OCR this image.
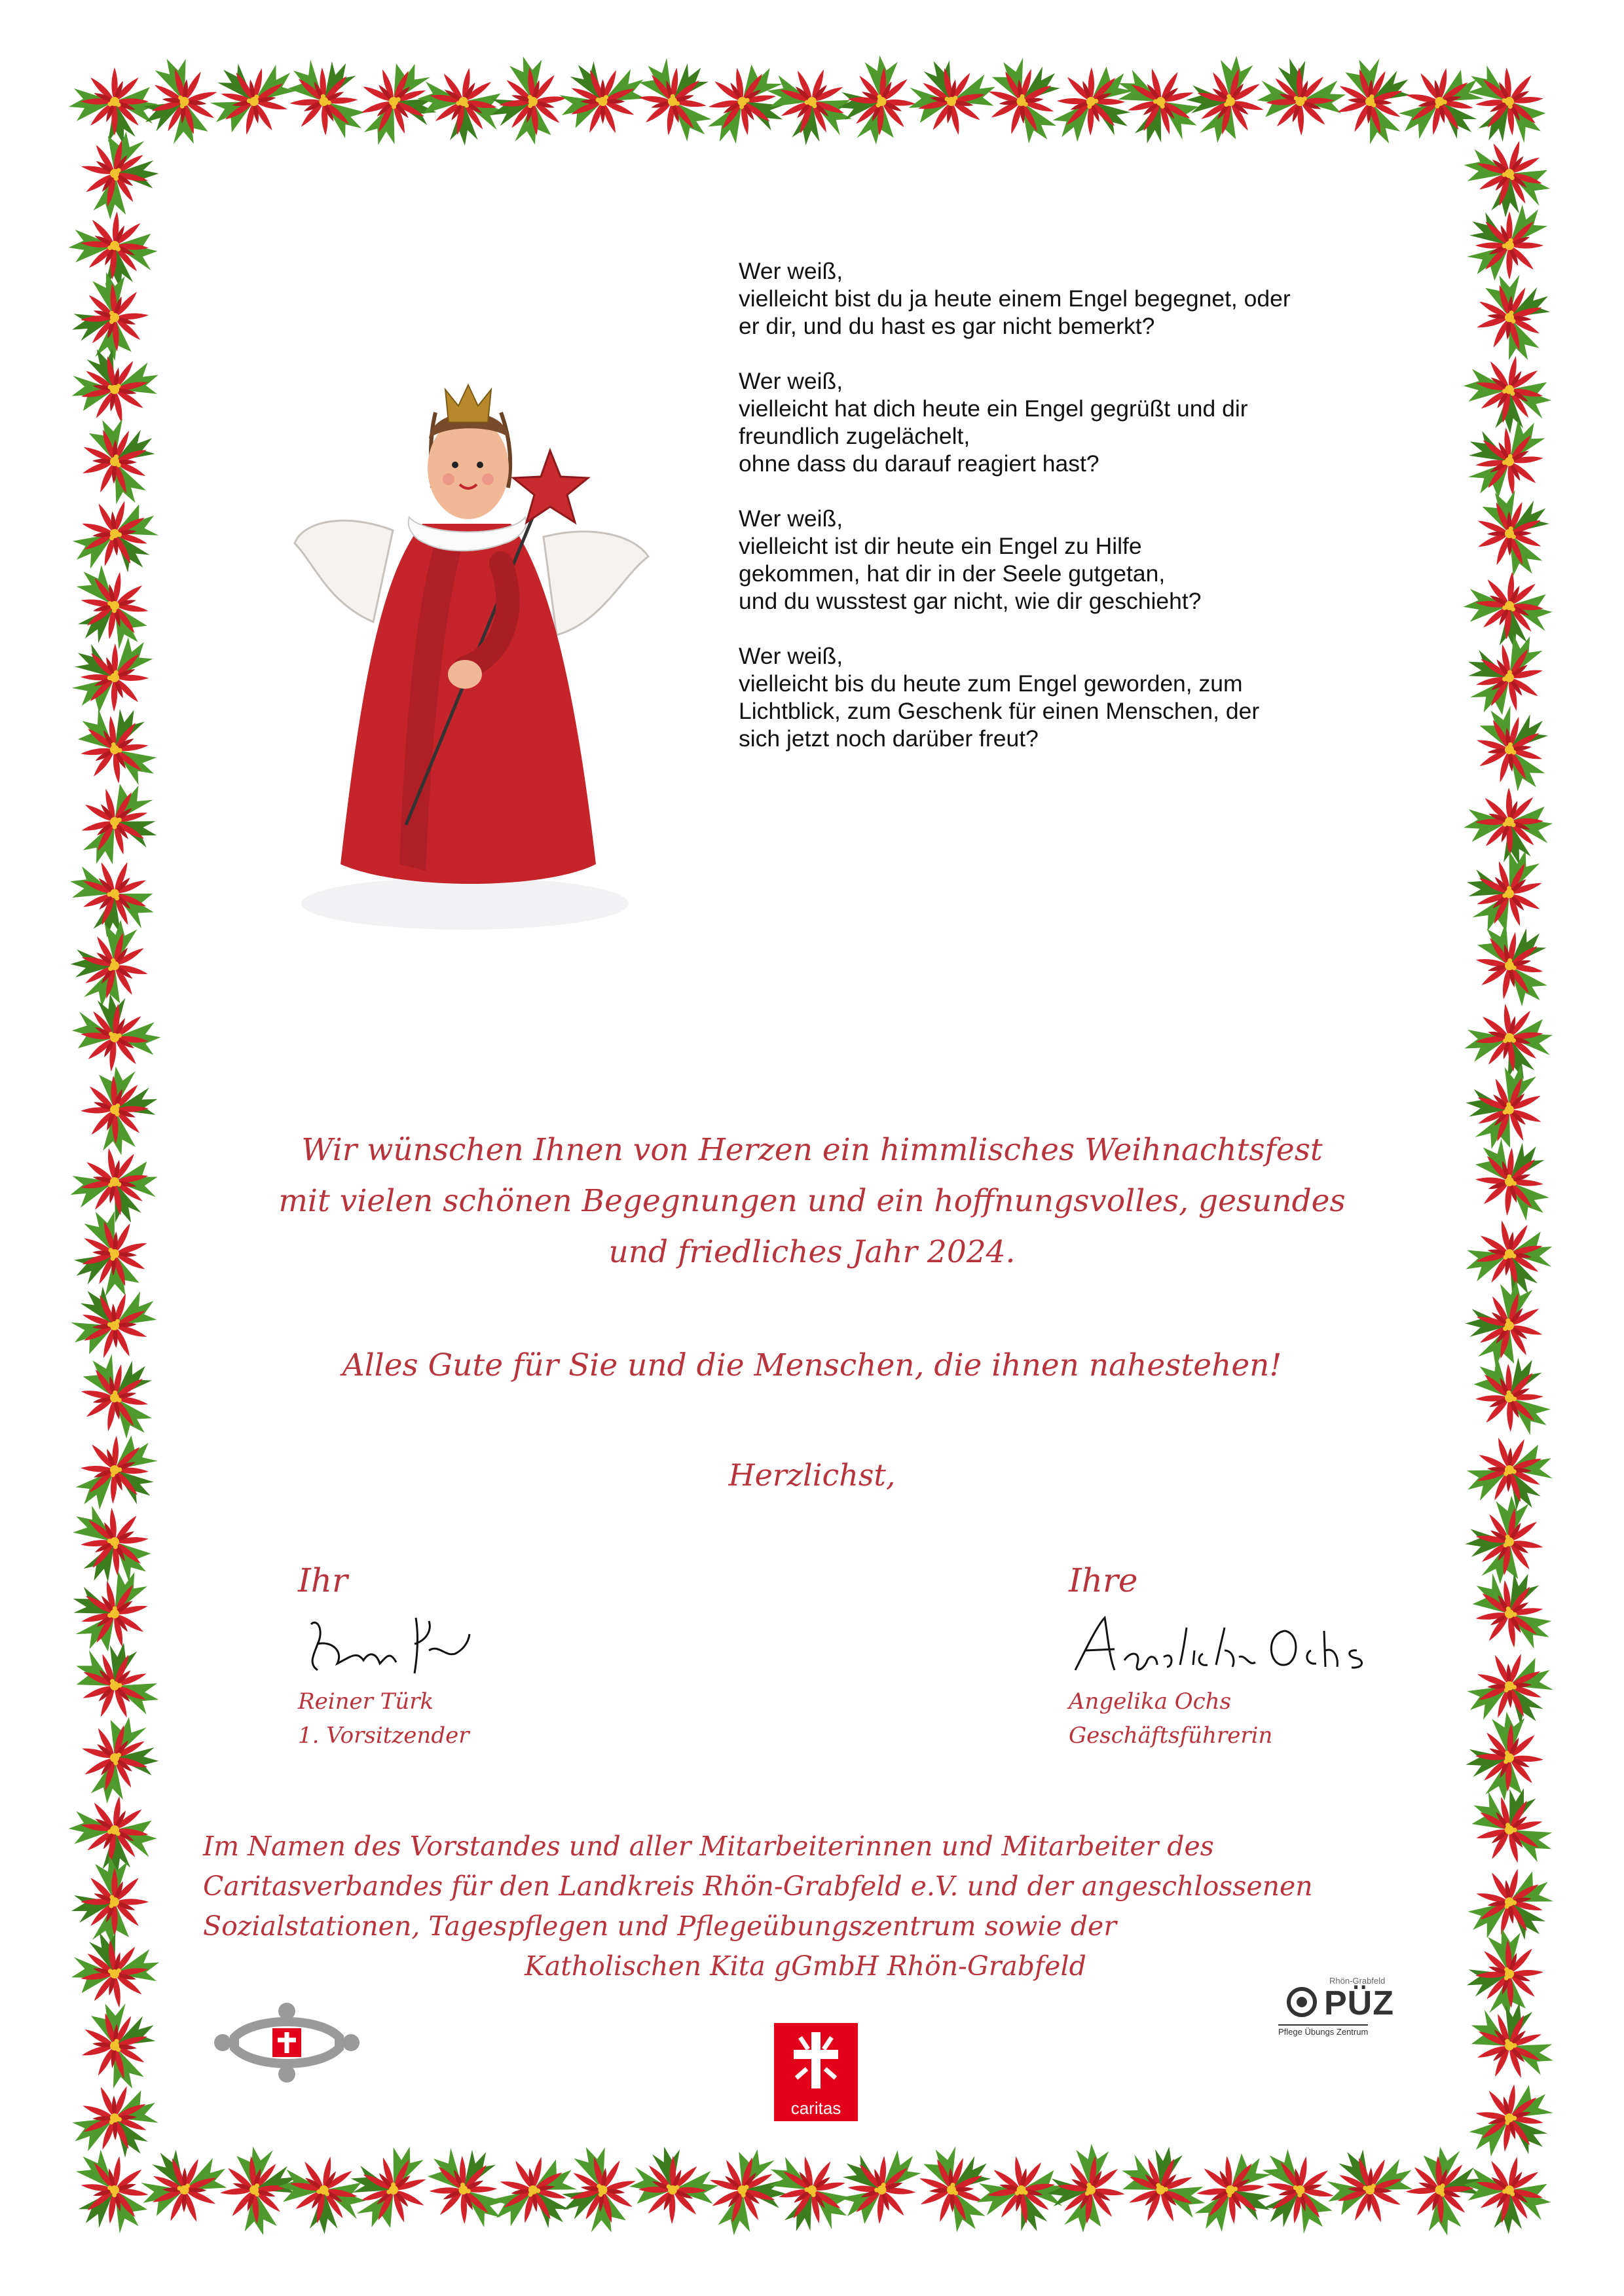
Wer weiß,
vielleicht bist du ja heute einem Engel begegnet, oder
er dir, und du hast es gar nicht bemerkt?
Wer weiß,
vielleicht hat dich heute ein Engel gegrüßt und dir
freundlich zugelächelt,
ohne dass du darauf reagiert hast?
Wer weiß,
vielleicht ist dir heute ein Engel zu Hilfe
gekommen, hat dir in der Seele gutgetan,
und du wusstest gar nicht, wie dir geschieht?
Wer weiß,
vielleicht bis du heute zum Engel geworden, zum
Lichtblick, zum Geschenk für einen Menschen, der
sich jetzt noch darüber freut?
Wir wünschen Ihnen von Herzen ein himmlisches Weihnachtsfest
mit vielen schönen Begegnungen und ein hoffnungsvolles, gesundes
und friedliches Jahr 2024.
Alles Gute für Sie und die Menschen, die ihnen nahestehen!
Herzlichst,
Ihr
Reiner Türk
1. Vorsitzender
Ihre
Angelika Ochs
Geschäftsführerin
Im Namen des Vorstandes und aller Mitarbeiterinnen und Mitarbeiter des
Caritasverbandes für den Landkreis Rhön-Grabfeld e.V. und der angeschlossenen
Sozialstationen, Tagespflegen und Pflegeübungszentrum sowie der
Katholischen Kita gGmbH Rhön-Grabfeld
caritas
Rhön-Grabfeld
PÜZ
Pflege Übungs Zentrum
